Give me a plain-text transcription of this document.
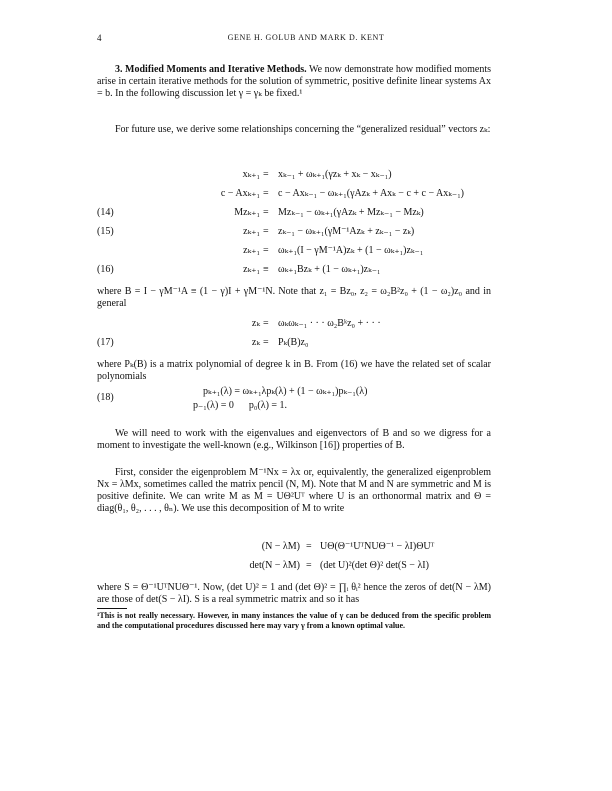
4	GENE H. GOLUB AND MARK D. KENT
3. Modified Moments and Iterative Methods. We now demonstrate how modified moments arise in certain iterative methods for the solution of symmetric, positive definite linear systems Ax = b. In the following discussion let γ = γₖ be fixed.¹
For future use, we derive some relationships concerning the “generalized residual” vectors zₖ:
xₖ₊₁ = xₖ₋₁ + ωₖ₊₁(γzₖ + xₖ − xₖ₋₁)
c − Axₖ₊₁ = c − Axₖ₋₁ − ωₖ₊₁(γAzₖ + Axₖ − c + c − Axₖ₋₁)
(14)	Mzₖ₊₁ = Mzₖ₋₁ − ωₖ₊₁(γAzₖ + Mzₖ₋₁ − Mzₖ)
(15)	zₖ₊₁ = zₖ₋₁ − ωₖ₊₁(γM⁻¹Azₖ + zₖ₋₁ − zₖ)
zₖ₊₁ = ωₖ₊₁(I − γM⁻¹A)zₖ + (1 − ωₖ₊₁)zₖ₋₁
(16)	zₖ₊₁ ≡ ωₖ₊₁Bzₖ + (1 − ωₖ₊₁)zₖ₋₁
where B = I − γM⁻¹A ≡ (1 − γ)I + γM⁻¹N. Note that z₁ = Bz₀, z₂ = ω₂B²z₀ + (1 − ω₂)z₀ and in general
zₖ = ωₖωₖ₋₁ · · · ω₂Bᵏz₀ + · · ·
(17)	zₖ = Pₖ(B)z₀
where Pₖ(B) is a matrix polynomial of degree k in B. From (16) we have the related set of scalar polynomials
(18)
pₖ₊₁(λ) = ωₖ₊₁λpₖ(λ) + (1 − ωₖ₊₁)pₖ₋₁(λ)
p₋₁(λ) = 0      p₀(λ) = 1.
We will need to work with the eigenvalues and eigenvectors of B and so we digress for a moment to investigate the well-known (e.g., Wilkinson [16]) properties of B.
First, consider the eigenproblem M⁻¹Nx = λx or, equivalently, the generalized eigenproblem Nx = λMx, sometimes called the matrix pencil (N, M). Note that M and N are symmetric and M is positive definite. We can write M as M = UΘ²Uᵀ where U is an orthonormal matrix and Θ = diag(θ₁, θ₂, . . . , θₙ). We use this decomposition of M to write
(N − λM) = UΘ(Θ⁻¹UᵀNUΘ⁻¹ − λI)ΘUᵀ
det(N − λM) = (det U)²(det Θ)² det(S − λI)
where S = Θ⁻¹UᵀNUΘ⁻¹. Now, (det U)² = 1 and (det Θ)² = ∏ᵢ θᵢ² hence the zeros of det(N − λM) are those of det(S − λI). S is a real symmetric matrix and so it has
¹This is not really necessary. However, in many instances the value of γ can be deduced from the specific problem and the computational procedures discussed here may vary γ from a known optimal value.
